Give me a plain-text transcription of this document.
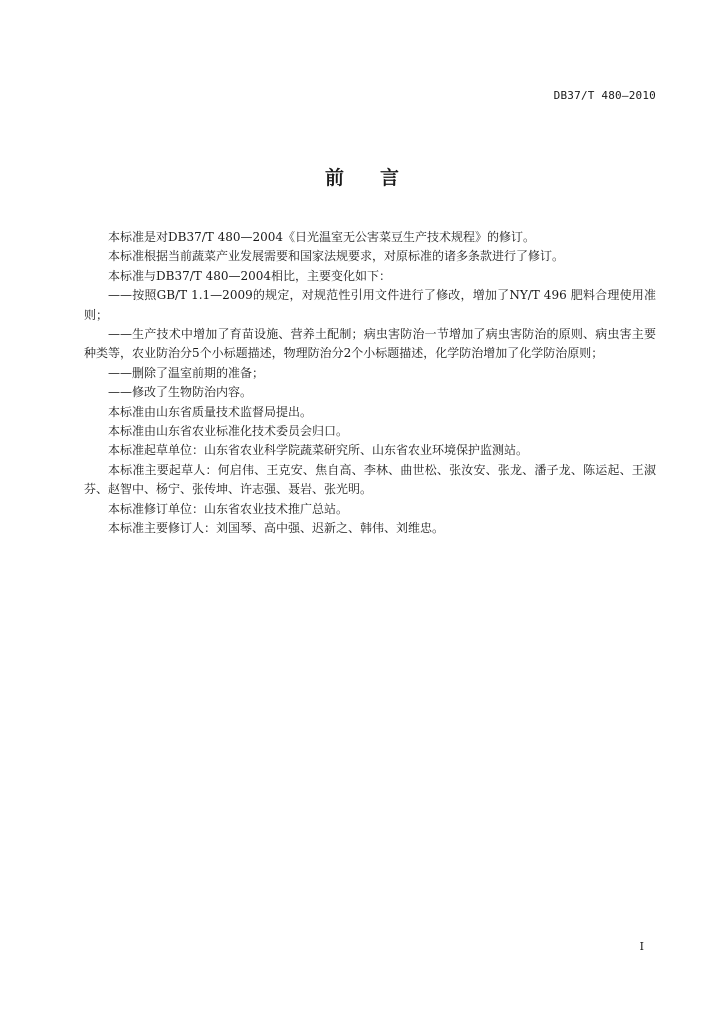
DB37/T 480—2010
前言

本标准是对DB37/T 480—2004《日光温室无公害菜豆生产技术规程》的修订。

本标准根据当前蔬菜产业发展需要和国家法规要求，对原标准的诸多条款进行了修订。

本标准与DB37/T 480—2004相比，主要变化如下：

——按照GB/T 1.1—2009的规定，对规范性引用文件进行了修改，增加了NY/T 496 肥料合理使用准则；

——生产技术中增加了育苗设施、营养土配制；病虫害防治一节增加了病虫害防治的原则、病虫害主要种类等，农业防治分5个小标题描述，物理防治分2个小标题描述，化学防治增加了化学防治原则；

——删除了温室前期的准备；

——修改了生物防治内容。

本标准由山东省质量技术监督局提出。

本标准由山东省农业标准化技术委员会归口。

本标准起草单位：山东省农业科学院蔬菜研究所、山东省农业环境保护监测站。

本标准主要起草人：何启伟、王克安、焦自高、李林、曲世松、张汝安、张龙、潘子龙、陈运起、王淑芬、赵智中、杨宁、张传坤、许志强、聂岩、张光明。

本标准修订单位：山东省农业技术推广总站。

本标准主要修订人：刘国琴、高中强、迟新之、韩伟、刘维忠。

I
